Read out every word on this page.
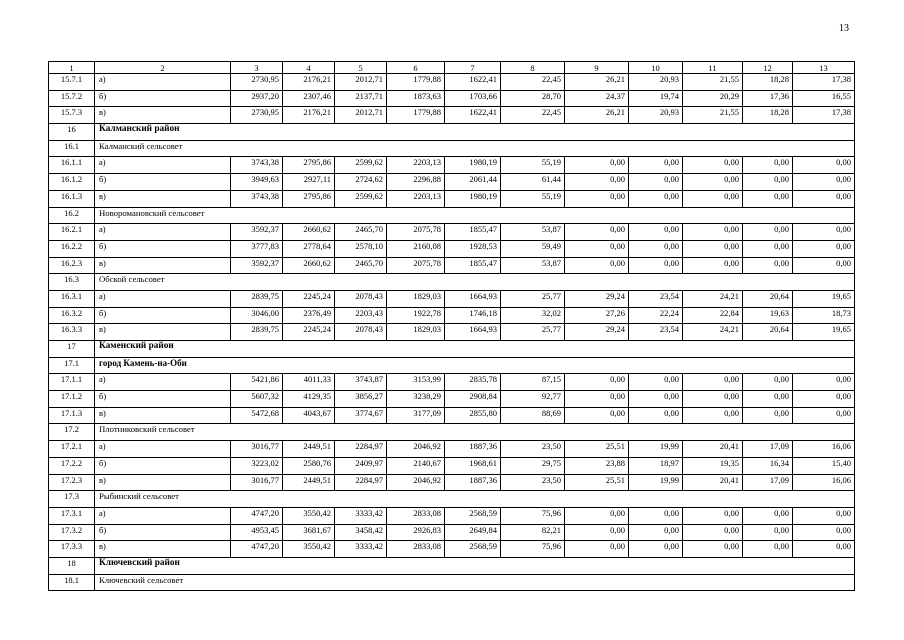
13
1	2	3	4	5	6	7	8	9	10	11	12	13
15.7.1	а)	2730,95	2176,21	2012,71	1779,88	1622,41	22,45	26,21	20,93	21,55	18,28	17,38
15.7.2	б)	2937,20	2307,46	2137,71	1873,63	1703,66	28,70	24,37	19,74	20,29	17,36	16,55
15.7.3	в)	2730,95	2176,21	2012,71	1779,88	1622,41	22,45	26,21	20,93	21,55	18,28	17,38
16	Калманский район											
16.1	Калманский сельсовет											
16.1.1	а)	3743,38	2795,86	2599,62	2203,13	1980,19	55,19	0,00	0,00	0,00	0,00	0,00
16.1.2	б)	3949,63	2927,11	2724,62	2296,88	2061,44	61,44	0,00	0,00	0,00	0,00	0,00
16.1.3	в)	3743,38	2795,86	2599,62	2203,13	1980,19	55,19	0,00	0,00	0,00	0,00	0,00
16.2	Новоромановский сельсовет											
16.2.1	а)	3592,37	2660,62	2465,70	2075,78	1855,47	53,87	0,00	0,00	0,00	0,00	0,00
16.2.2	б)	3777,83	2778,64	2578,10	2160,08	1928,53	59,49	0,00	0,00	0,00	0,00	0,00
16.2.3	в)	3592,37	2660,62	2465,70	2075,78	1855,47	53,87	0,00	0,00	0,00	0,00	0,00
16.3	Обской сельсовет											
16.3.1	а)	2839,75	2245,24	2078,43	1829,03	1664,93	25,77	29,24	23,54	24,21	20,64	19,65
16.3.2	б)	3046,00	2376,49	2203,43	1922,78	1746,18	32,02	27,26	22,24	22,84	19,63	18,73
16.3.3	в)	2839,75	2245,24	2078,43	1829,03	1664,93	25,77	29,24	23,54	24,21	20,64	19,65
17	Каменский район											
17.1	город Камень-на-Оби											
17.1.1	а)	5421,86	4011,33	3743,87	3153,99	2835,78	87,15	0,00	0,00	0,00	0,00	0,00
17.1.2	б)	5607,32	4129,35	3856,27	3238,29	2908,84	92,77	0,00	0,00	0,00	0,00	0,00
17.1.3	в)	5472,68	4043,67	3774,67	3177,09	2855,80	88,69	0,00	0,00	0,00	0,00	0,00
17.2	Плотниковский сельсовет											
17.2.1	а)	3016,77	2449,51	2284,97	2046,92	1887,36	23,50	25,51	19,99	20,41	17,09	16,06
17.2.2	б)	3223,02	2580,76	2409,97	2140,67	1968,61	29,75	23,88	18,97	19,35	16,34	15,40
17.2.3	в)	3016,77	2449,51	2284,97	2046,92	1887,36	23,50	25,51	19,99	20,41	17,09	16,06
17.3	Рыбинский сельсовет											
17.3.1	а)	4747,20	3550,42	3333,42	2833,08	2568,59	75,96	0,00	0,00	0,00	0,00	0,00
17.3.2	б)	4953,45	3681,67	3458,42	2926,83	2649,84	82,21	0,00	0,00	0,00	0,00	0,00
17.3.3	в)	4747,20	3550,42	3333,42	2833,08	2568,59	75,96	0,00	0,00	0,00	0,00	0,00
18	Ключевский район											
18.1	Ключевский сельсовет											
